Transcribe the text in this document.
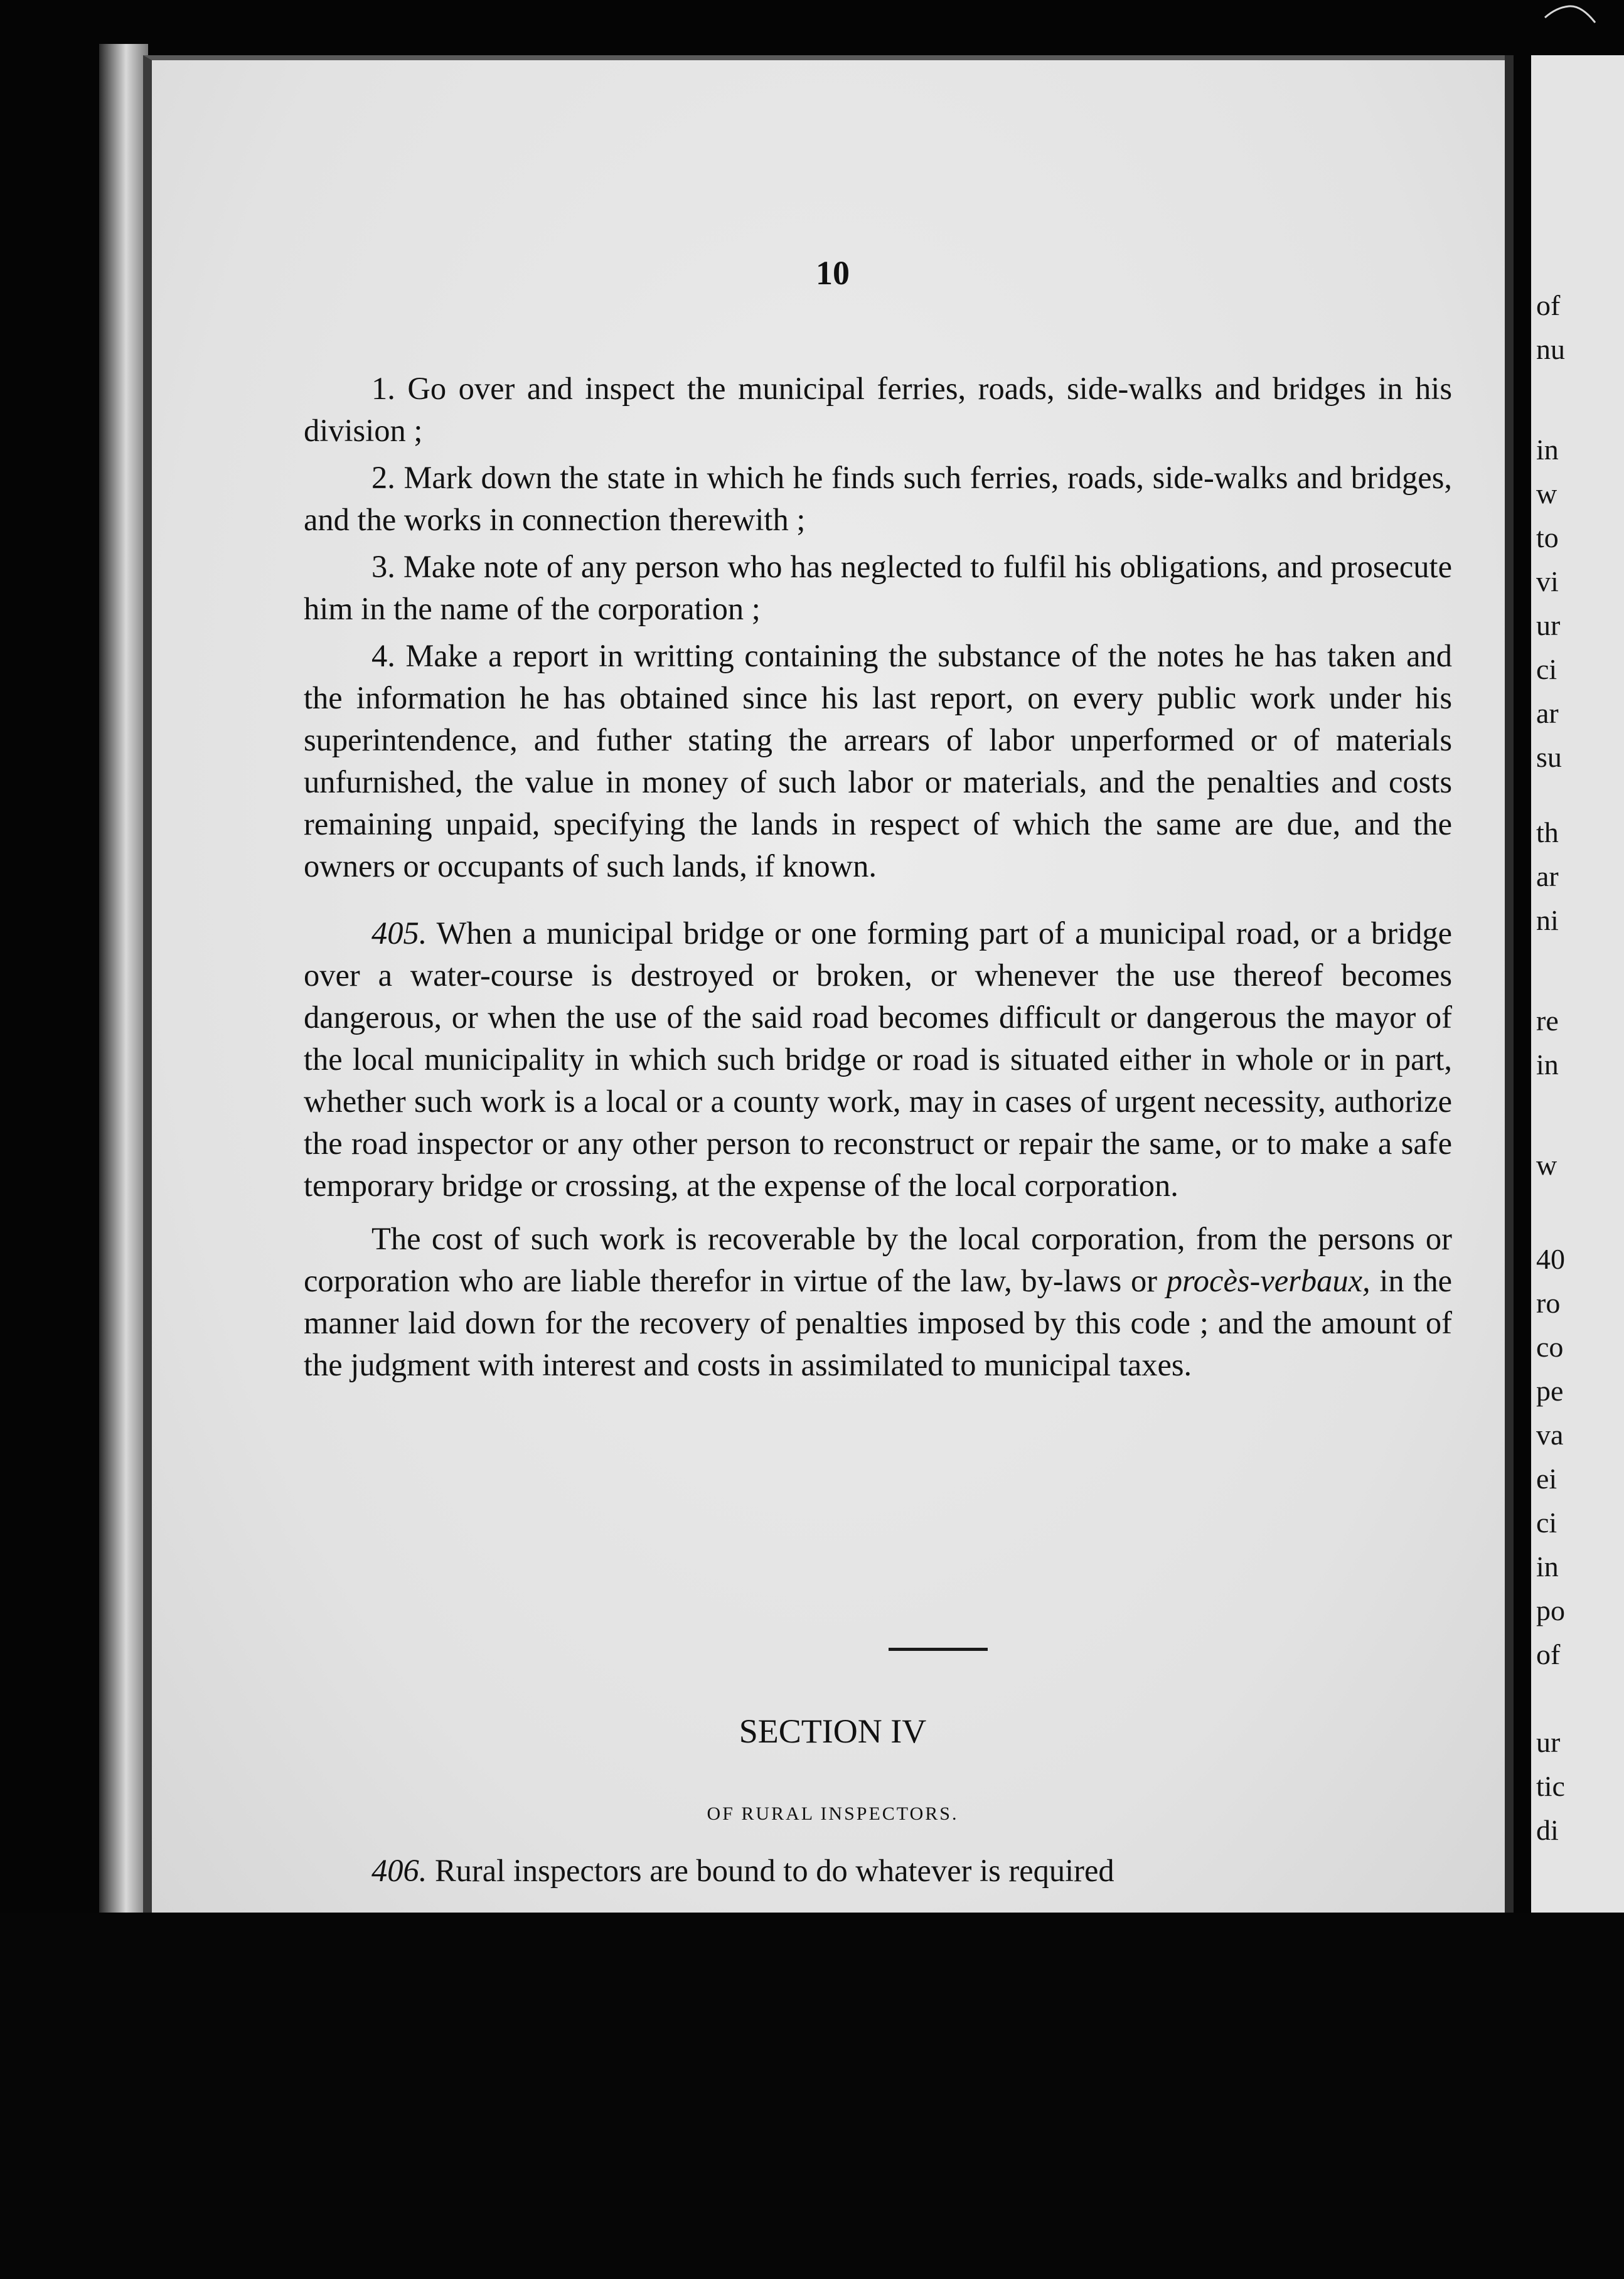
10

1. Go over and inspect the municipal ferries, roads, side-walks and bridges in his division ;

2. Mark down the state in which he finds such ferries, roads, side-walks and bridges, and the works in connection therewith ;

3. Make note of any person who has neglected to fulfil his obligations, and prosecute him in the name of the corporation ;

4. Make a report in writting containing the substance of the notes he has taken and the information he has obtained since his last report, on every public work under his superintendence, and futher stating the arrears of labor unperformed or of materials unfurnished, the value in money of such labor or materials, and the penalties and costs remaining unpaid, specifying the lands in respect of which the same are due, and the owners or occupants of such lands, if known.

405. When a municipal bridge or one forming part of a municipal road, or a bridge over a water-course is destroyed or broken, or whenever the use thereof becomes dangerous, or when the use of the said road becomes difficult or dangerous the mayor of the local municipality in which such bridge or road is situated either in whole or in part, whether such work is a local or a county work, may in cases of urgent necessity, authorize the road inspector or any other person to reconstruct or repair the same, or to make a safe temporary bridge or crossing, at the expense of the local corporation.

The cost of such work is recoverable by the local corporation, from the persons or corporation who are liable therefor in virtue of the law, by-laws or procès-verbaux, in the manner laid down for the recovery of penalties imposed by this code ; and the amount of the judgment with interest and costs in assimilated to municipal taxes.

SECTION IV
OF RURAL INSPECTORS.

406. Rural inspectors are bound to do whatever is required

of
nu
in
w
to
vi
ur
ci
ar
su
th
ar
ni
re
in
w
40
ro
co
pe
va
ei
ci
in
po
of
ur
tic
di
